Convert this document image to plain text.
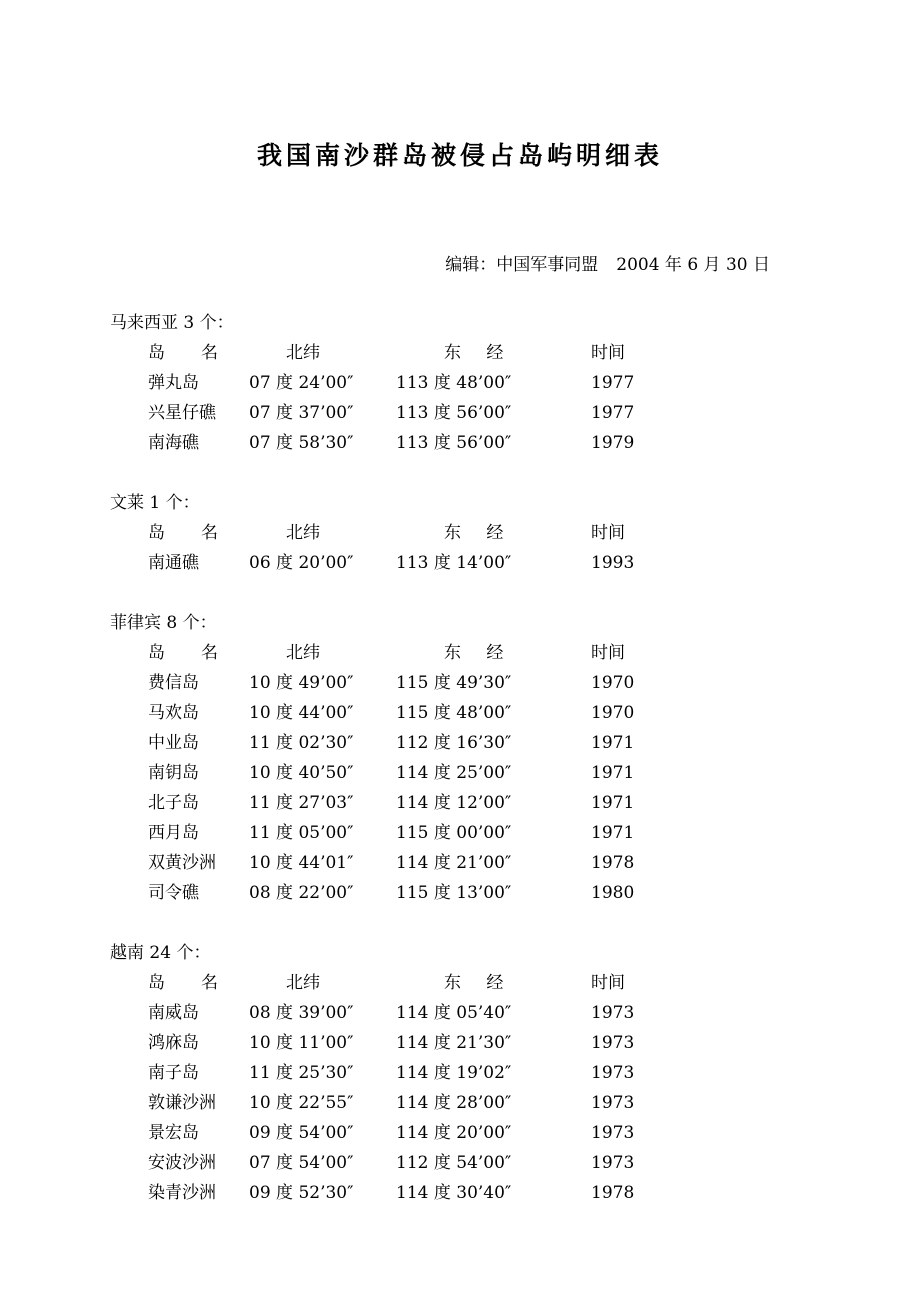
我国南沙群岛被侵占岛屿明细表
编辑：中国军事同盟 2004 年 6 月 30 日
马来西亚 3 个：
岛名 北纬	东 经	时间
弹丸岛	07 度 24’00″	113 度 48’00″	1977
兴星仔礁 07 度 37’00″	113 度 56’00″	1977
南海礁	07 度 58’30″	113 度 56’00″	1979
文莱 1 个：
岛名 北纬	东 经	时间
南通礁	06 度 20’00″	113 度 14’00″	1993
菲律宾 8 个：
岛名 北纬	东 经	时间
费信岛	10 度 49’00″	115 度 49’30″	1970
马欢岛	10 度 44’00″	115 度 48’00″	1970
中业岛	11 度 02’30″	112 度 16’30″	1971
南钥岛	10 度 40’50″	114 度 25’00″	1971
北子岛	11 度 27’03″	114 度 12’00″	1971
西月岛	11 度 05’00″	115 度 00’00″	1971
双黄沙洲 10 度 44’01″	114 度 21’00″	1978
司令礁	08 度 22’00″	115 度 13’00″	1980
越南 24 个：
岛名 北纬	东 经	时间
南威岛	08 度 39’00″	114 度 05’40″	1973
鸿庥岛	10 度 11’00″	114 度 21’30″	1973
南子岛	11 度 25’30″	114 度 19’02″	1973
敦谦沙洲 10 度 22’55″	114 度 28’00″	1973
景宏岛	09 度 54’00″	114 度 20’00″	1973
安波沙洲 07 度 54’00″	112 度 54’00″	1973
染青沙洲 09 度 52’30″	114 度 30’40″	1978
